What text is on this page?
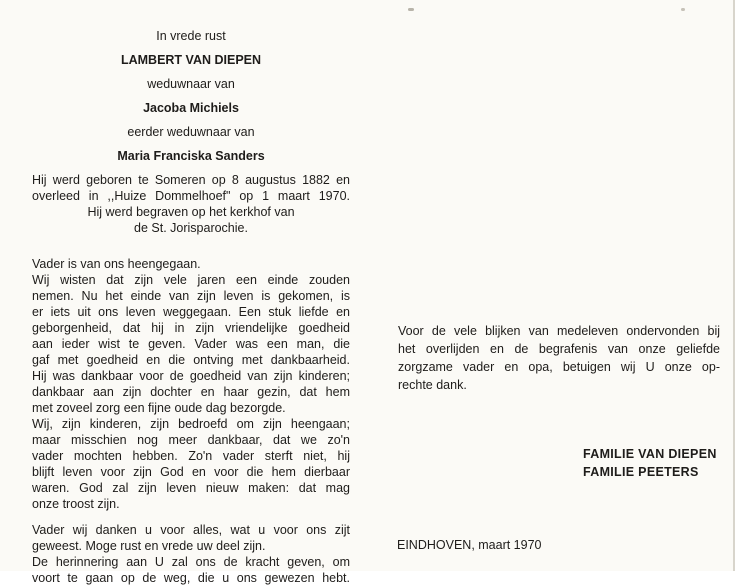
In vrede rust
LAMBERT VAN DIEPEN
weduwnaar van
Jacoba Michiels
eerder weduwnaar van
Maria Franciska Sanders
Hij werd geboren te Someren op 8 augustus 1882 en
overleed in ,,Huize Dommelhoef" op 1 maart 1970.
Hij werd begraven op het kerkhof van
de St. Jorisparochie.
Vader is van ons heengegaan.
Wij wisten dat zijn vele jaren een einde zouden
nemen. Nu het einde van zijn leven is gekomen, is
er iets uit ons leven weggegaan. Een stuk liefde en
geborgenheid, dat hij in zijn vriendelijke goedheid
aan ieder wist te geven. Vader was een man, die
gaf met goedheid en die ontving met dankbaarheid.
Hij was dankbaar voor de goedheid van zijn kinderen;
dankbaar aan zijn dochter en haar gezin, dat hem
met zoveel zorg een fijne oude dag bezorgde.
Wij, zijn kinderen, zijn bedroefd om zijn heengaan;
maar misschien nog meer dankbaar, dat we zo'n
vader mochten hebben. Zo'n vader sterft niet, hij
blijft leven voor zijn God en voor die hem dierbaar
waren. God zal zijn leven nieuw maken: dat mag
onze troost zijn.
Vader wij danken u voor alles, wat u voor ons zijt
geweest. Moge rust en vrede uw deel zijn.
De herinnering aan U zal ons de kracht geven, om
voort te gaan op de weg, die u ons gewezen hebt.
Voor de vele blijken van medeleven ondervonden bij
het overlijden en de begrafenis van onze geliefde
zorgzame vader en opa, betuigen wij U onze op-
rechte dank.
FAMILIE VAN DIEPEN
FAMILIE PEETERS
EINDHOVEN, maart 1970
